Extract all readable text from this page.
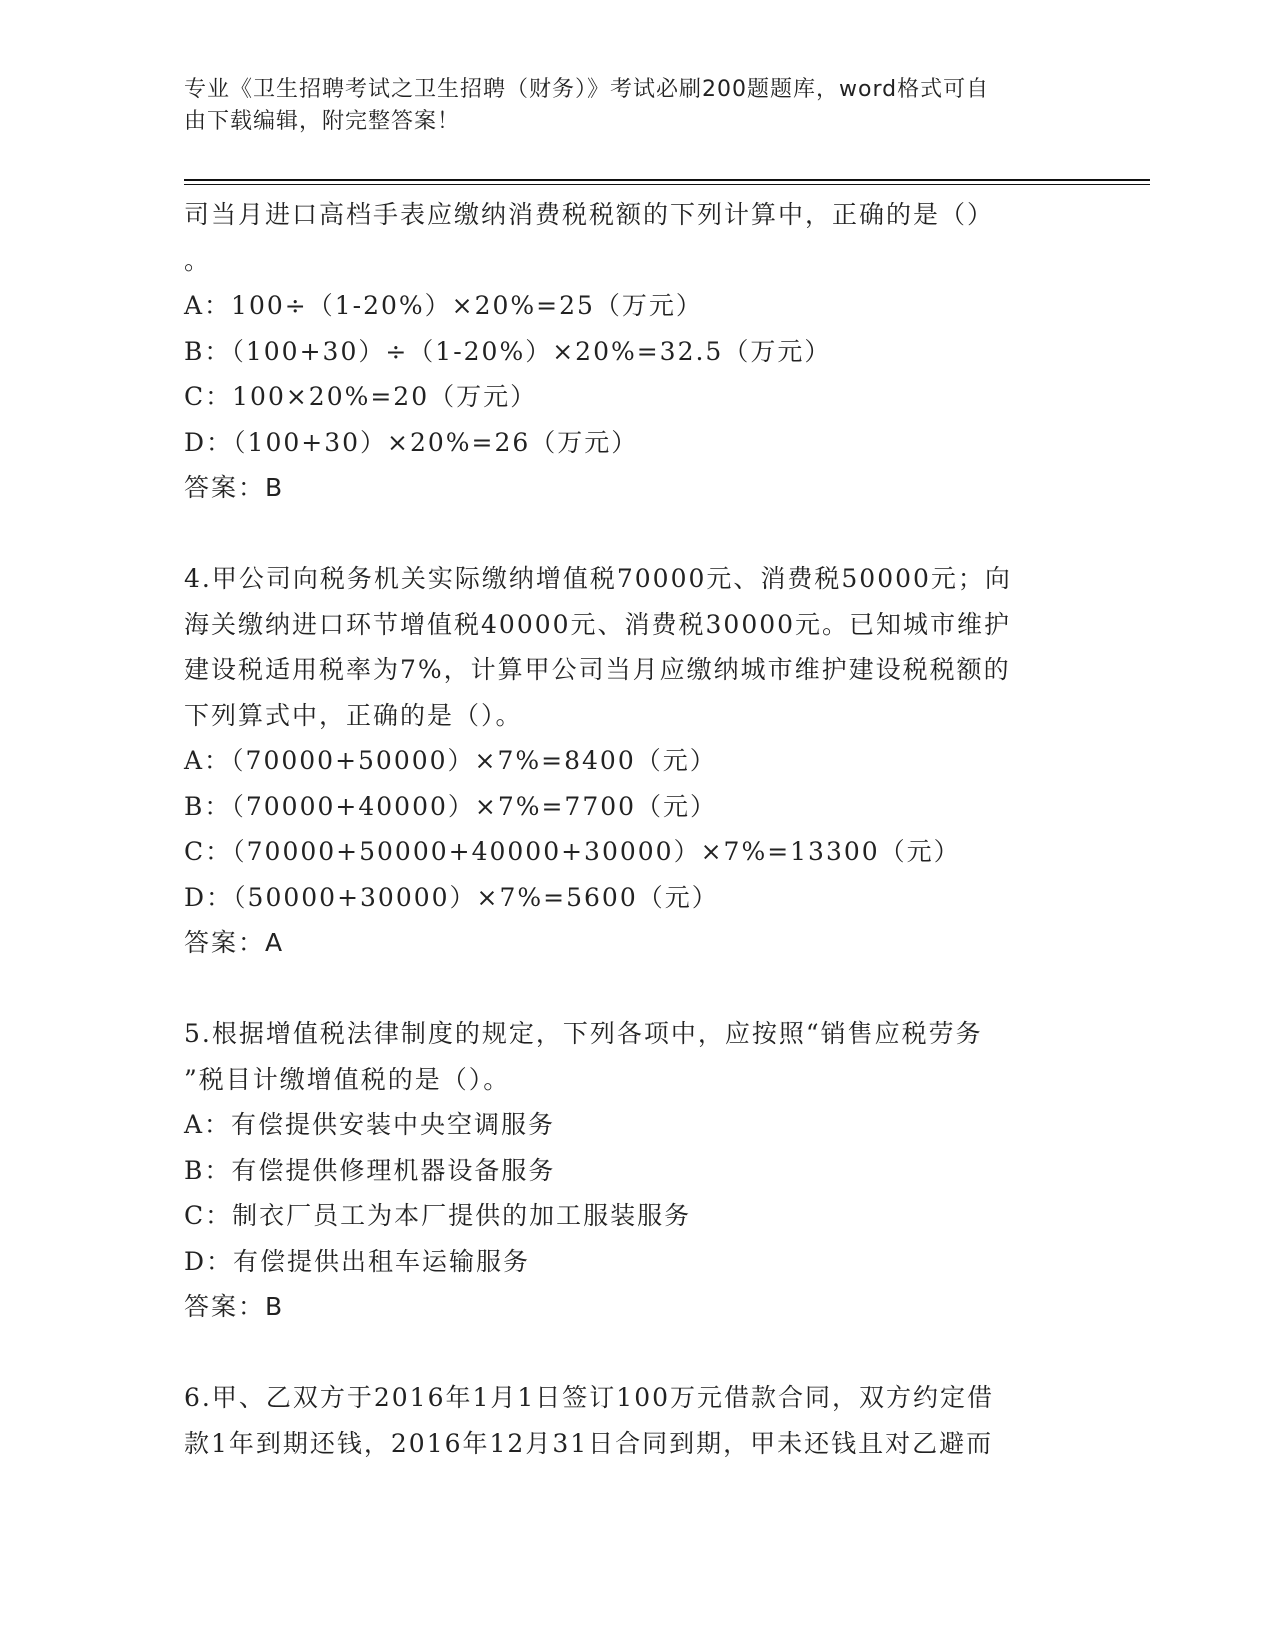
专业《卫生招聘考试之卫生招聘（财务）》考试必刷200题题库，word格式可自
由下载编辑，附完整答案！
司当月进口高档手表应缴纳消费税税额的下列计算中，正确的是（）
。
A：100÷（1-20%）×20%=25（万元）
B：（100+30）÷（1-20%）×20%=32.5（万元）
C：100×20%=20（万元）
D：（100+30）×20%=26（万元）
答案：B
4.甲公司向税务机关实际缴纳增值税70000元、消费税50000元；向
海关缴纳进口环节增值税40000元、消费税30000元。已知城市维护
建设税适用税率为7%，计算甲公司当月应缴纳城市维护建设税税额的
下列算式中，正确的是（）。
A：（70000+50000）×7%=8400（元）
B：（70000+40000）×7%=7700（元）
C：（70000+50000+40000+30000）×7%=13300（元）
D：（50000+30000）×7%=5600（元）
答案：A
5.根据增值税法律制度的规定，下列各项中，应按照“销售应税劳务
”税目计缴增值税的是（）。
A：有偿提供安装中央空调服务
B：有偿提供修理机器设备服务
C：制衣厂员工为本厂提供的加工服装服务
D：有偿提供出租车运输服务
答案：B
6.甲、乙双方于2016年1月1日签订100万元借款合同，双方约定借
款1年到期还钱，2016年12月31日合同到期，甲未还钱且对乙避而
